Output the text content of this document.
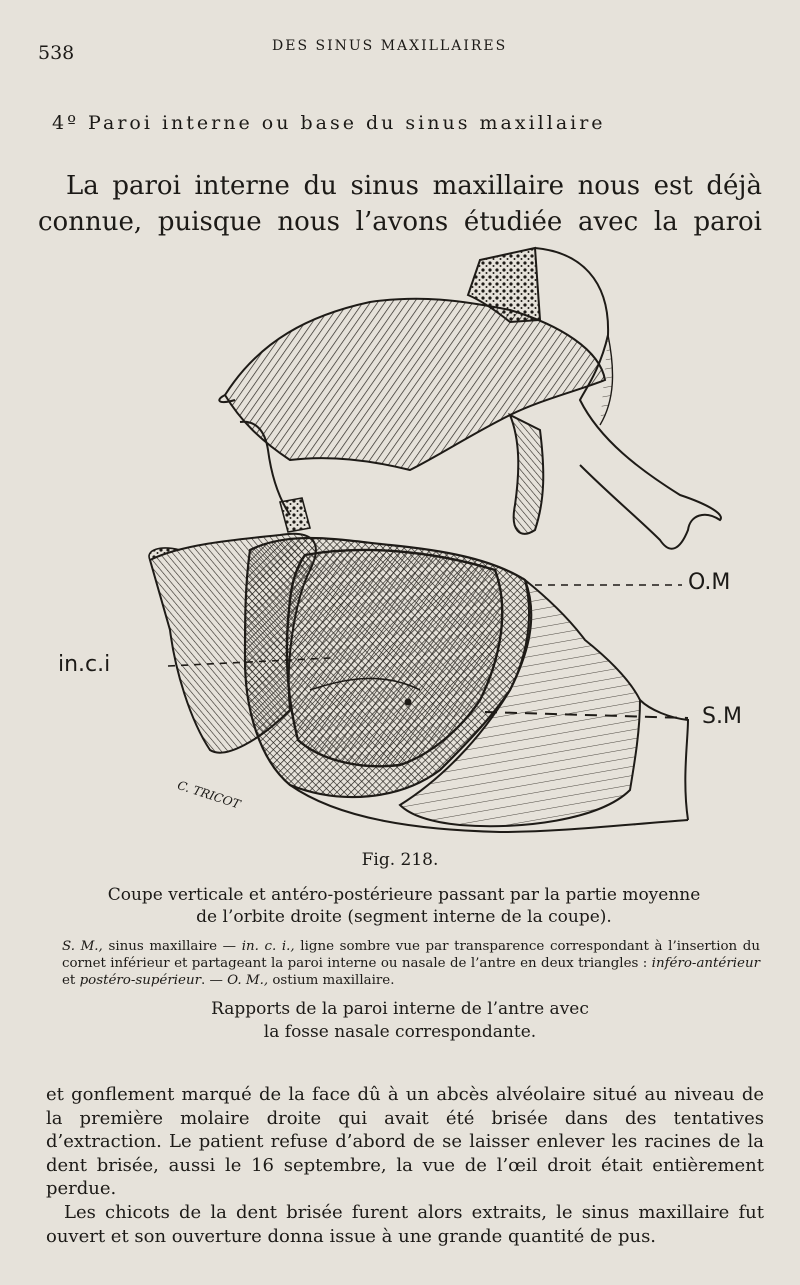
538	DES SINUS MAXILLAIRES
4º Paroi interne ou base du sinus maxillaire
La paroi interne du sinus maxillaire nous est déjà
connue, puisque nous l’avons étudiée avec la paroi
O.M
S.M
in.c.i
C. TRICOT
Fig. 218.
Coupe verticale et antéro-postérieure passant par la partie moyenne
de l’orbite droite (segment interne de la coupe).
S. M., sinus maxillaire — in. c. i., ligne sombre vue par transparence correspondant à l’insertion du cornet inférieur et partageant la paroi interne ou nasale de l’antre en deux triangles : inféro-antérieur et postéro-supérieur. — O. M., ostium maxillaire.
Rapports de la paroi interne de l’antre avec
la fosse nasale correspondante.

et gonflement marqué de la face dû à un abcès alvéolaire situé au niveau de la première molaire droite qui avait été brisée dans des tentatives d’extraction. Le patient refuse d’abord de se laisser enlever les racines de la dent brisée, aussi le 16 septembre, la vue de l’œil droit était entièrement perdue.

Les chicots de la dent brisée furent alors extraits, le sinus maxillaire fut ouvert et son ouverture donna issue à une grande quantité de pus.
